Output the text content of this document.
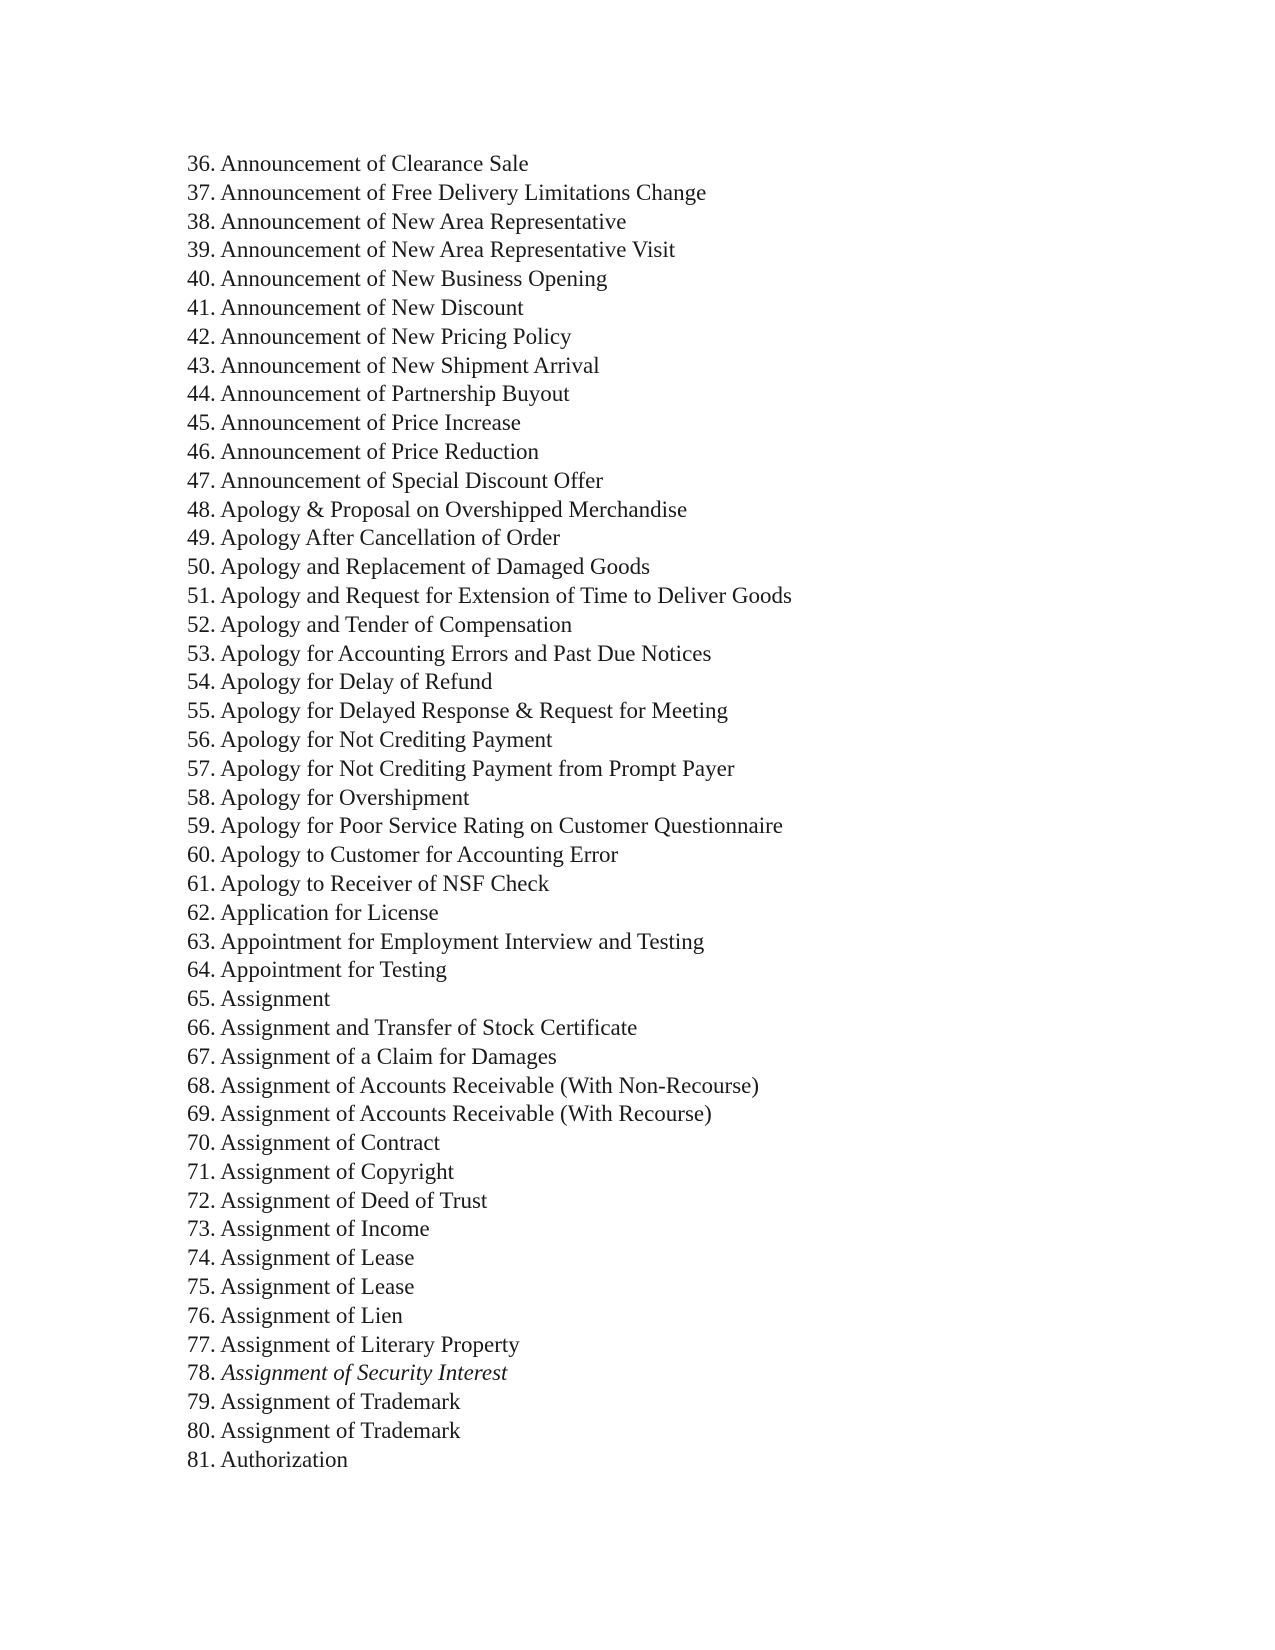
36. Announcement of Clearance Sale
37. Announcement of Free Delivery Limitations Change
38. Announcement of New Area Representative
39. Announcement of New Area Representative Visit
40. Announcement of New Business Opening
41. Announcement of New Discount
42. Announcement of New Pricing Policy
43. Announcement of New Shipment Arrival
44. Announcement of Partnership Buyout
45. Announcement of Price Increase
46. Announcement of Price Reduction
47. Announcement of Special Discount Offer
48. Apology & Proposal on Overshipped Merchandise
49. Apology After Cancellation of Order
50. Apology and Replacement of Damaged Goods
51. Apology and Request for Extension of Time to Deliver Goods
52. Apology and Tender of Compensation
53. Apology for Accounting Errors and Past Due Notices
54. Apology for Delay of Refund
55. Apology for Delayed Response & Request for Meeting
56. Apology for Not Crediting Payment
57. Apology for Not Crediting Payment from Prompt Payer
58. Apology for Overshipment
59. Apology for Poor Service Rating on Customer Questionnaire
60. Apology to Customer for Accounting Error
61. Apology to Receiver of NSF Check
62. Application for License
63. Appointment for Employment Interview and Testing
64. Appointment for Testing
65. Assignment
66. Assignment and Transfer of Stock Certificate
67. Assignment of a Claim for Damages
68. Assignment of Accounts Receivable (With Non-Recourse)
69. Assignment of Accounts Receivable (With Recourse)
70. Assignment of Contract
71. Assignment of Copyright
72. Assignment of Deed of Trust
73. Assignment of Income
74. Assignment of Lease
75. Assignment of Lease
76. Assignment of Lien
77. Assignment of Literary Property
78. Assignment of Security Interest
79. Assignment of Trademark
80. Assignment of Trademark
81. Authorization
